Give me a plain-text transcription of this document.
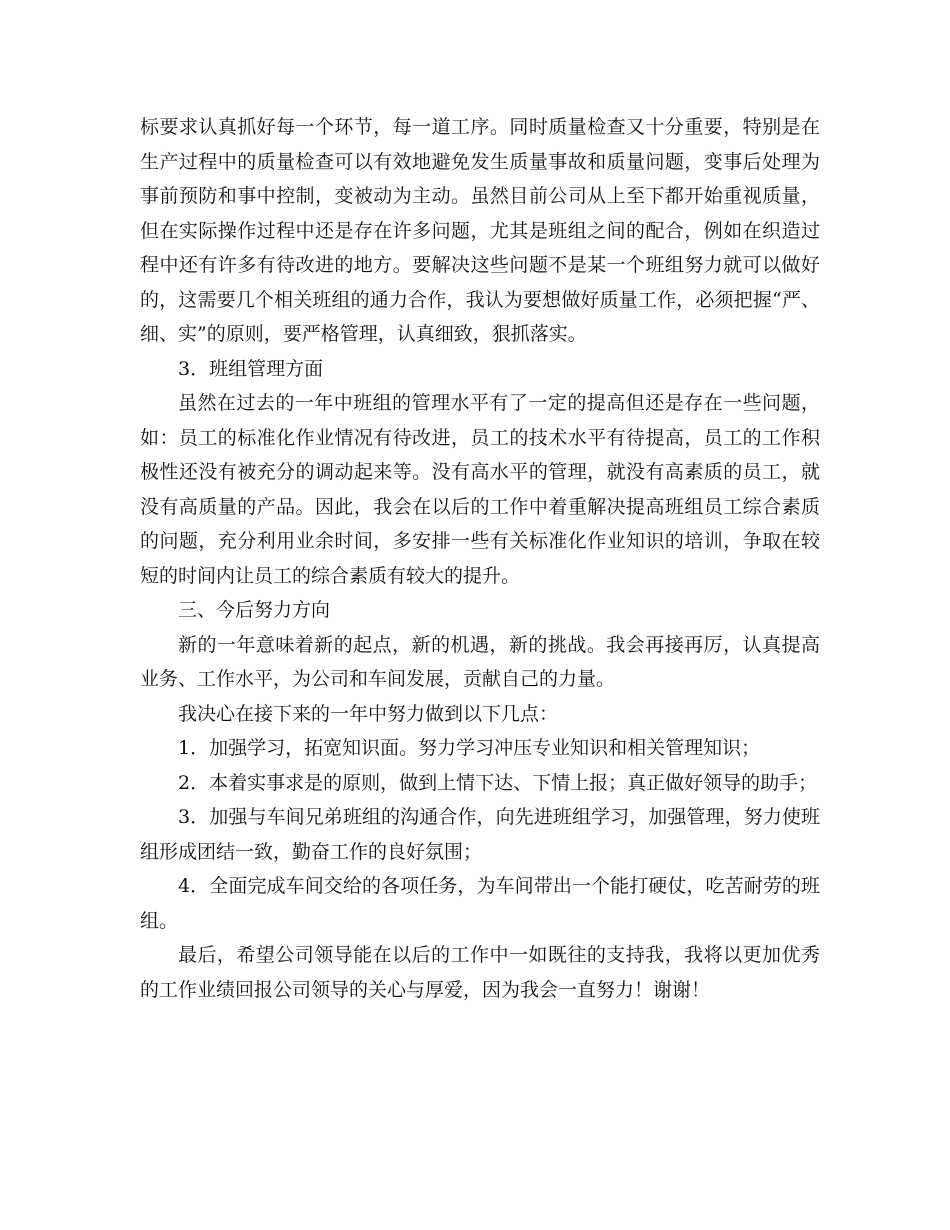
标要求认真抓好每一个环节，每一道工序。同时质量检查又十分重要，特别是在生产过程中的质量检查可以有效地避免发生质量事故和质量问题，变事后处理为事前预防和事中控制，变被动为主动。虽然目前公司从上至下都开始重视质量，但在实际操作过程中还是存在许多问题，尤其是班组之间的配合，例如在织造过程中还有许多有待改进的地方。要解决这些问题不是某一个班组努力就可以做好的，这需要几个相关班组的通力合作，我认为要想做好质量工作，必须把握“严、细、实”的原则，要严格管理，认真细致，狠抓落实。

3．班组管理方面

虽然在过去的一年中班组的管理水平有了一定的提高但还是存在一些问题，如：员工的标准化作业情况有待改进，员工的技术水平有待提高，员工的工作积极性还没有被充分的调动起来等。没有高水平的管理，就没有高素质的员工，就没有高质量的产品。因此，我会在以后的工作中着重解决提高班组员工综合素质的问题，充分利用业余时间，多安排一些有关标准化作业知识的培训，争取在较短的时间内让员工的综合素质有较大的提升。

三、今后努力方向

新的一年意味着新的起点，新的机遇，新的挑战。我会再接再厉，认真提高业务、工作水平，为公司和车间发展，贡献自己的力量。

我决心在接下来的一年中努力做到以下几点：

1．加强学习，拓宽知识面。努力学习冲压专业知识和相关管理知识；

2．本着实事求是的原则，做到上情下达、下情上报；真正做好领导的助手；

3．加强与车间兄弟班组的沟通合作，向先进班组学习，加强管理，努力使班组形成团结一致，勤奋工作的良好氛围；

4．全面完成车间交给的各项任务，为车间带出一个能打硬仗，吃苦耐劳的班组。

最后，希望公司领导能在以后的工作中一如既往的支持我，我将以更加优秀的工作业绩回报公司领导的关心与厚爱，因为我会一直努力！谢谢！
